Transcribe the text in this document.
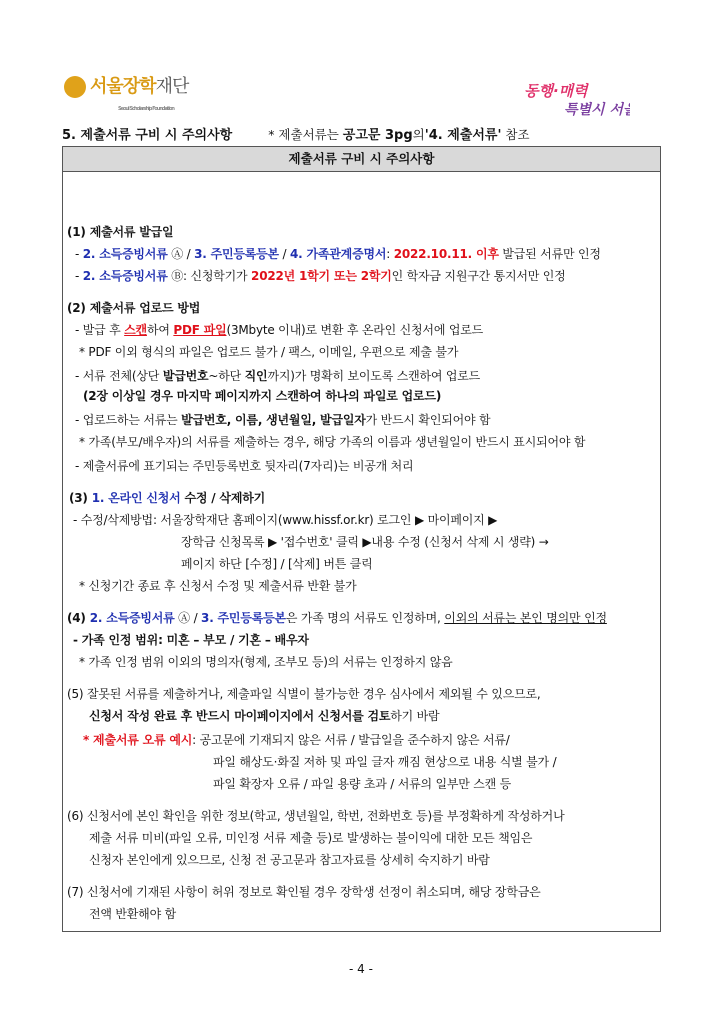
서울장학재단
Seoul Scholarship Foundation
동행·매력
특별시 서울
5. 제출서류 구비 시 주의사항	* 제출서류는 공고문 3pg의'4. 제출서류' 참조
제출서류 구비 시 주의사항
(1) 제출서류 발급일
- 2. 소득증빙서류 Ⓐ / 3. 주민등록등본 / 4. 가족관계증명서: 2022.10.11. 이후 발급된 서류만 인정
- 2. 소득증빙서류 Ⓑ: 신청학기가 2022년 1학기 또는 2학기인 학자금 지원구간 통지서만 인정
(2) 제출서류 업로드 방법
- 발급 후 스캔하여 PDF 파일(3Mbyte 이내)로 변환 후 온라인 신청서에 업로드
* PDF 이외 형식의 파일은 업로드 불가 / 팩스, 이메일, 우편으로 제출 불가
- 서류 전체(상단 발급번호~하단 직인까지)가 명확히 보이도록 스캔하여 업로드
(2장 이상일 경우 마지막 페이지까지 스캔하여 하나의 파일로 업로드)
- 업로드하는 서류는 발급번호, 이름, 생년월일, 발급일자가 반드시 확인되어야 함
* 가족(부모/배우자)의 서류를 제출하는 경우, 해당 가족의 이름과 생년월일이 반드시 표시되어야 함
- 제출서류에 표기되는 주민등록번호 뒷자리(7자리)는 비공개 처리
(3) 1. 온라인 신청서 수정 / 삭제하기
- 수정/삭제방법: 서울장학재단 홈페이지(www.hissf.or.kr) 로그인 ▶ 마이페이지 ▶
장학금 신청목록 ▶ '접수번호' 클릭 ▶내용 수정 (신청서 삭제 시 생략) →
페이지 하단 [수정] / [삭제] 버튼 클릭
* 신청기간 종료 후 신청서 수정 및 제출서류 반환 불가
(4) 2. 소득증빙서류 Ⓐ / 3. 주민등록등본은 가족 명의 서류도 인정하며, 이외의 서류는 본인 명의만 인정
- 가족 인정 범위: 미혼 – 부모 / 기혼 – 배우자
* 가족 인정 범위 이외의 명의자(형제, 조부모 등)의 서류는 인정하지 않음
(5) 잘못된 서류를 제출하거나, 제출파일 식별이 불가능한 경우 심사에서 제외될 수 있으므로,
신청서 작성 완료 후 반드시 마이페이지에서 신청서를 검토하기 바람
* 제출서류 오류 예시: 공고문에 기재되지 않은 서류 / 발급일을 준수하지 않은 서류/
파일 해상도·화질 저하 및 파일 글자 깨짐 현상으로 내용 식별 불가 /
파일 확장자 오류 / 파일 용량 초과 / 서류의 일부만 스캔 등
(6) 신청서에 본인 확인을 위한 정보(학교, 생년월일, 학번, 전화번호 등)를 부정확하게 작성하거나
제출 서류 미비(파일 오류, 미인정 서류 제출 등)로 발생하는 불이익에 대한 모든 책임은
신청자 본인에게 있으므로, 신청 전 공고문과 참고자료를 상세히 숙지하기 바람
(7) 신청서에 기재된 사항이 허위 정보로 확인될 경우 장학생 선정이 취소되며, 해당 장학금은
전액 반환해야 함
- 4 -
